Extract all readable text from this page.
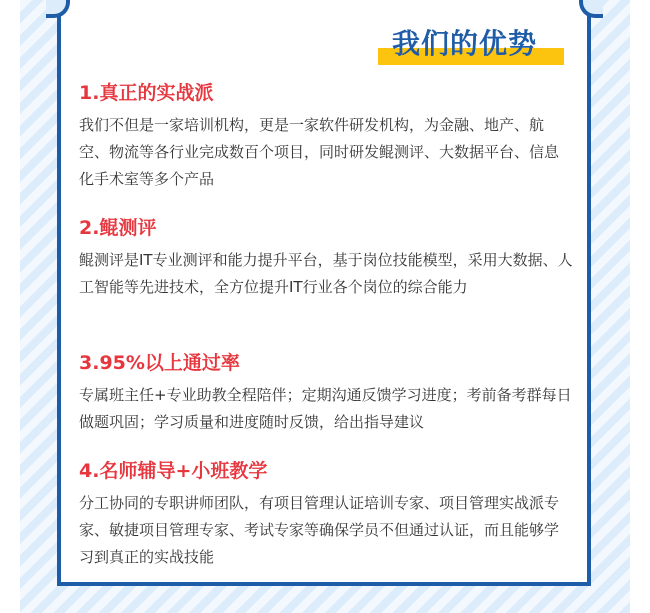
我们的优势
1.真正的实战派

我们不但是一家培训机构，更是一家软件研发机构，为金融、地产、航空、物流等各行业完成数百个项目，同时研发鲲测评、大数据平台、信息化手术室等多个产品

2.鲲测评

鲲测评是IT专业测评和能力提升平台，基于岗位技能模型，采用大数据、人工智能等先进技术，全方位提升IT行业各个岗位的综合能力

3.95%以上通过率

专属班主任+专业助教全程陪伴；定期沟通反馈学习进度；考前备考群每日做题巩固；学习质量和进度随时反馈，给出指导建议

4.名师辅导+小班教学

分工协同的专职讲师团队，有项目管理认证培训专家、项目管理实战派专家、敏捷项目管理专家、考试专家等确保学员不但通过认证，而且能够学习到真正的实战技能
